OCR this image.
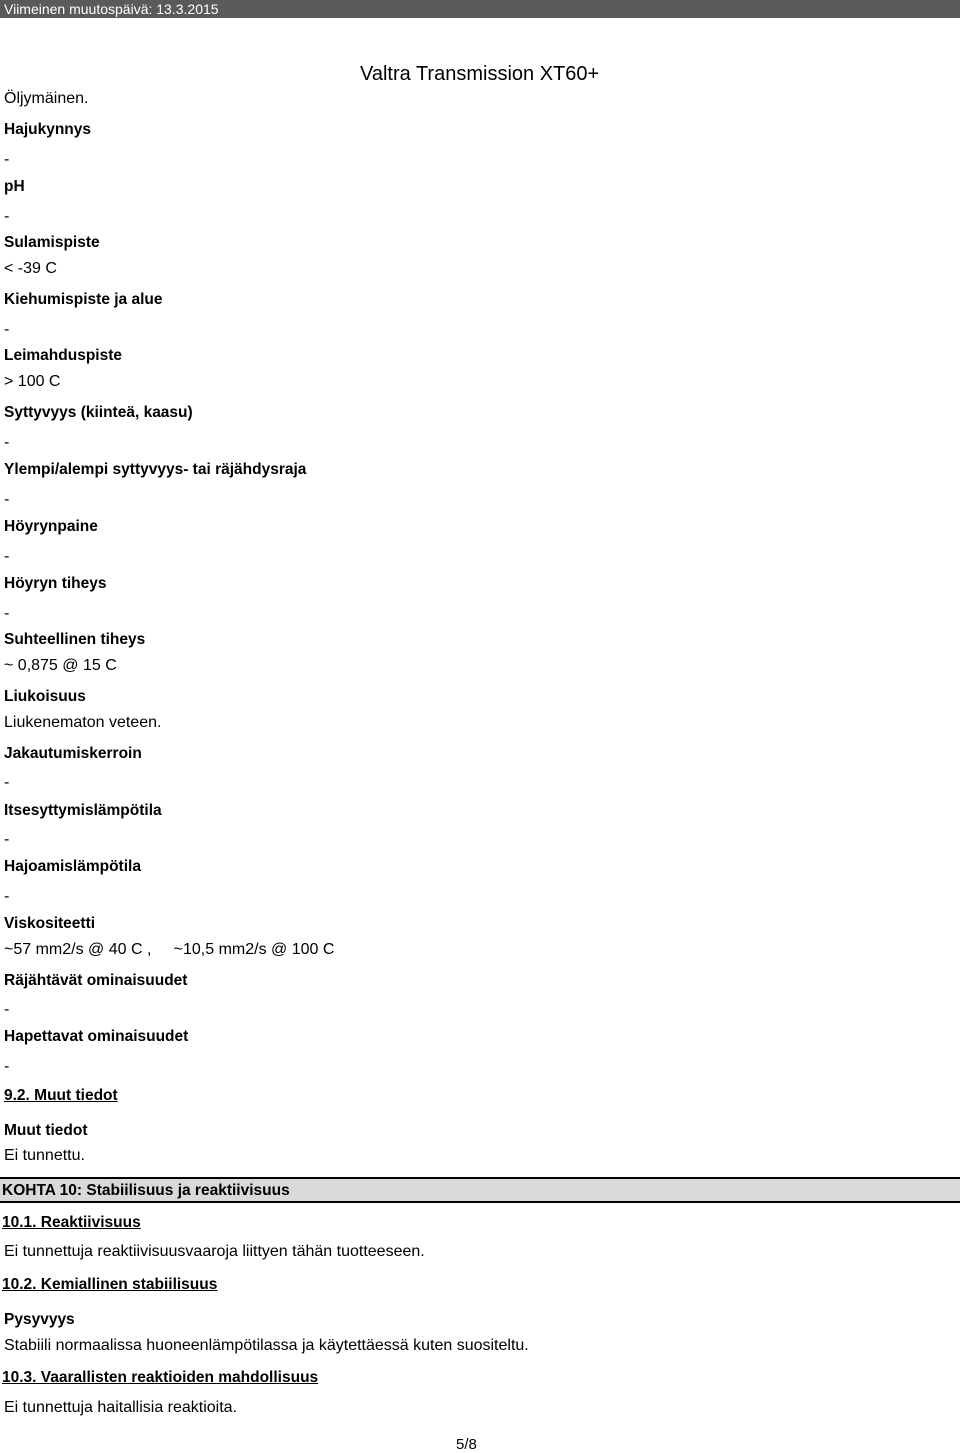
Viimeinen muutospäivä: 13.3.2015
Valtra Transmission XT60+
Öljymäinen.
Hajukynnys
-
pH
-
Sulamispiste
< -39 C
Kiehumispiste ja alue
-
Leimahduspiste
> 100 C
Syttyvyys (kiinteä, kaasu)
-
Ylempi/alempi syttyvyys- tai räjähdysraja
-
Höyrynpaine
-
Höyryn tiheys
-
Suhteellinen tiheys
~ 0,875 @ 15 C
Liukoisuus
Liukenematon veteen.
Jakautumiskerroin
-
Itsesyttymislämpötila
-
Hajoamislämpötila
-
Viskositeetti
~57 mm2/s @ 40 C ,     ~10,5 mm2/s @ 100 C
Räjähtävät ominaisuudet
-
Hapettavat ominaisuudet
-
9.2. Muut tiedot
Muut tiedot
Ei tunnettu.
KOHTA 10: Stabiilisuus ja reaktiivisuus
10.1. Reaktiivisuus
Ei tunnettuja reaktiivisuusvaaroja liittyen tähän tuotteeseen.
10.2. Kemiallinen stabiilisuus
Pysyvyys
Stabiili normaalissa huoneenlämpötilassa ja käytettäessä kuten suositeltu.
10.3. Vaarallisten reaktioiden mahdollisuus
Ei tunnettuja haitallisia reaktioita.
5/8
